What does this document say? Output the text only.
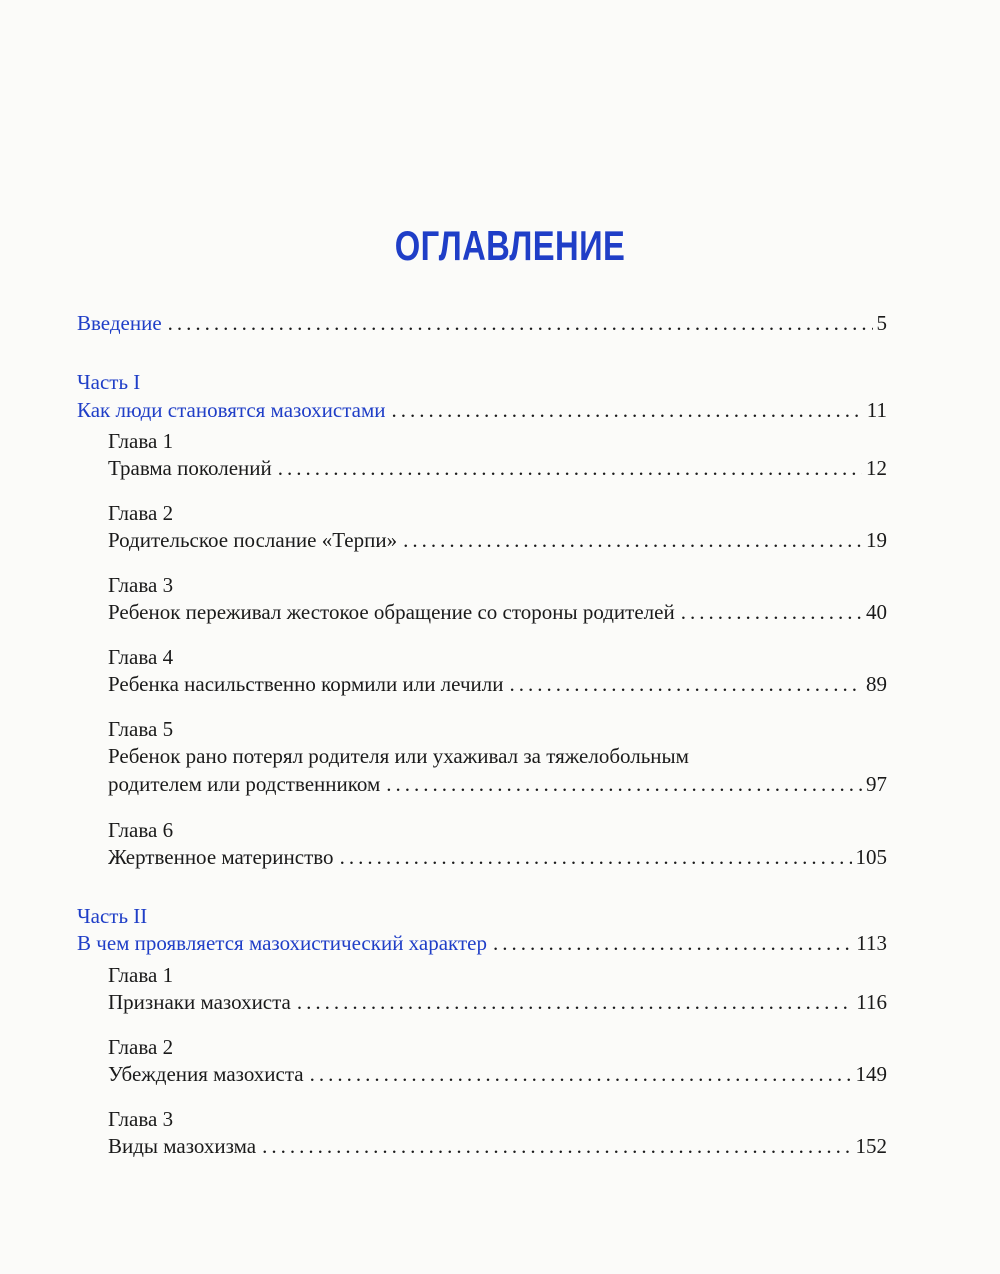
ОГЛАВЛЕНИЕ
Введение .....	5
Часть I
Как люди становятся мазохистами .....	11
Глава 1
Травма поколений .....	12
Глава 2
Родительское послание «Терпи» .....	19
Глава 3
Ребенок переживал жестокое обращение со стороны родителей .....	40
Глава 4
Ребенка насильственно кормили или лечили .....	89
Глава 5
Ребенок рано потерял родителя или ухаживал за тяжелобольным
родителем или родственником .....	97
Глава 6
Жертвенное материнство .....	105
Часть II
В чем проявляется мазохистический характер .....	113
Глава 1
Признаки мазохиста .....	116
Глава 2
Убеждения мазохиста .....	149
Глава 3
Виды мазохизма .....	152
